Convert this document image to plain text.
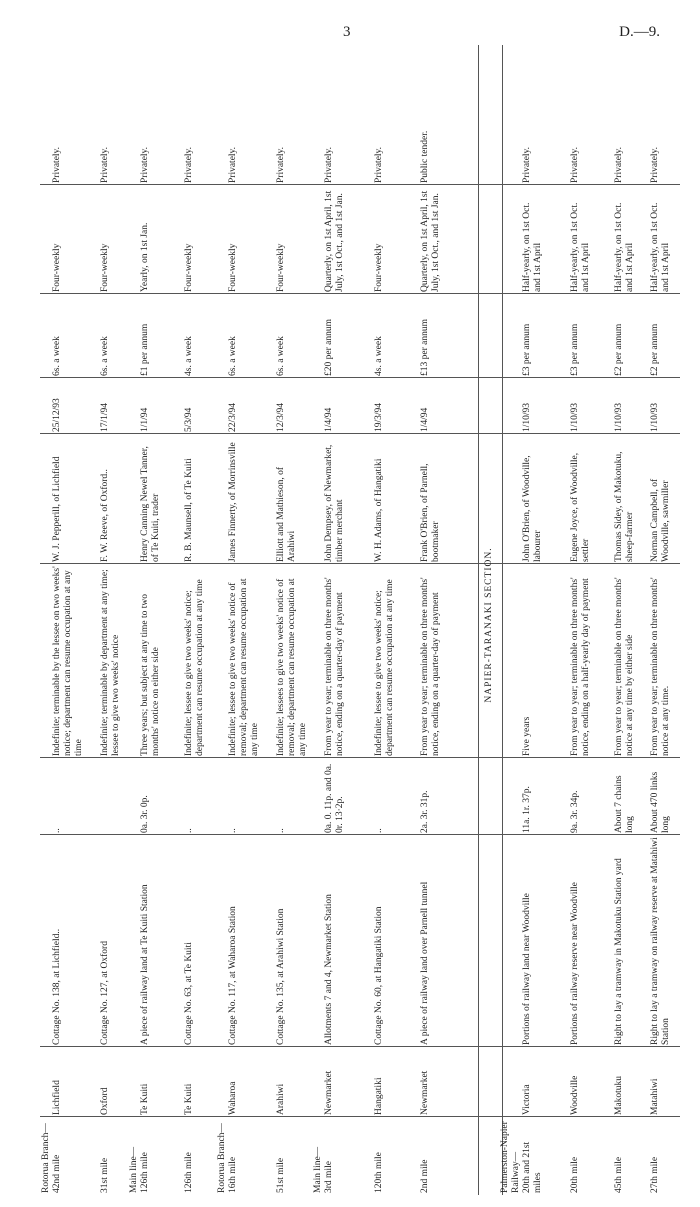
3	D.—9.
Rotorua Branch— 42nd mile
Lichfield
Cottage No. 138, at Lichfield..
..
Indefinite; terminable by the lessee on two weeks' notice; department can resume occupation at any time
W. J. Pepperill, of Lichfield
25/12/93
6s. a week
Four-weekly
Privately.
31st mile
Oxford
Cottage No. 127, at Oxford
Indefinite; terminable by department at any time; lessee to give two weeks' notice
F. W. Reeve, of Oxford..
17/1/94
6s. a week
Four-weekly
Privately.
Main line— 126th mile
Te Kuiti
A piece of railway land at Te Kuiti Station
0a. 3r. 0p.
Three years; but subject at any time to two months' notice on either side
Henry Canning Newel Tanner, of Te Kuiti, trader
1/1/94
£1 per annum
Yearly, on 1st Jan.
Privately.
126th mile
Te Kuiti
Cottage No. 63, at Te Kuiti
..
Indefinite; lessee to give two weeks' notice; department can resume occupation at any time
R. B. Maunsell, of Te Kuiti
5/3/94
4s. a week
Four-weekly
Privately.
Rotorua Branch— 16th mile
Waharoa
Cottage No. 117, at Waharoa Station
..
Indefinite; lessee to give two weeks' notice of removal; department can resume occupation at any time
James Finnerty, of Morrinsville
22/3/94
6s. a week
Four-weekly
Privately.
51st mile
Arahiwi
Cottage No. 135, at Arahiwi Station
..
Indefinite; lessees to give two weeks' notice of removal; department can resume occupation at any time
Elliott and Mathieson, of Arahiwi
12/3/94
6s. a week
Four-weekly
Privately.
Main line— 3rd mile
Newmarket
Allotments 7 and 4, Newmarket Station
0a. 0. 11p. and 0a. 0r. 13·2p.
From year to year; terminable on three months' notice, ending on a quarter-day of payment
John Dempsey, of Newmarket, timber merchant
1/4/94
£20 per annum
Quarterly, on 1st April, 1st July, 1st Oct., and 1st Jan.
Privately.
120th mile
Hangatiki
Cottage No. 60, at Hangatiki Station
..
Indefinite; lessee to give two weeks' notice; department can resume occupation at any time
W. H. Adams, of Hangatiki
19/3/94
4s. a week
Four-weekly
Privately.
2nd mile
Newmarket
A piece of railway land over Parnell tunnel
2a. 3r. 31p.
From year to year; terminable on three months' notice, ending on a quarter-day of payment
Frank O'Brien, of Parnell, bootmaker
1/4/94
£13 per annum
Quarterly, on 1st April, 1st July, 1st Oct., and 1st Jan.
Public tender.
NAPIER-TARANAKI SECTION.
Palmerston-Napier Railway— 20th and 21st miles
Victoria
Portions of railway land near Woodville
11a. 1r. 37p.
Five years
John O'Brien, of Woodville, labourer
1/10/93
£3 per annum
Half-yearly, on 1st Oct. and 1st April
Privately.
20th mile
Woodville
Portions of railway reserve near Woodville
9a. 3r. 34p.
From year to year; terminable on three months' notice, ending on a half-yearly day of payment
Eugene Joyce, of Woodville, settler
1/10/93
£3 per annum
Half-yearly, on 1st Oct. and 1st April
Privately.
45th mile
Makotuku
Right to lay a tramway in Makotuku Station yard
About 7 chains long
From year to year; terminable on three months' notice at any time by either side
Thomas Sidey, of Makotuku, sheep-farmer
1/10/93
£2 per annum
Half-yearly, on 1st Oct. and 1st April
Privately.
27th mile
Matahiwi
Right to lay a tramway on railway reserve at Matahiwi Station
About 470 links long
From year to year; terminable on three months' notice at any time.
Norman Campbell, of Woodville, sawmiller
1/10/93
£2 per annum
Half-yearly, on 1st Oct. and 1st April
Privately.
